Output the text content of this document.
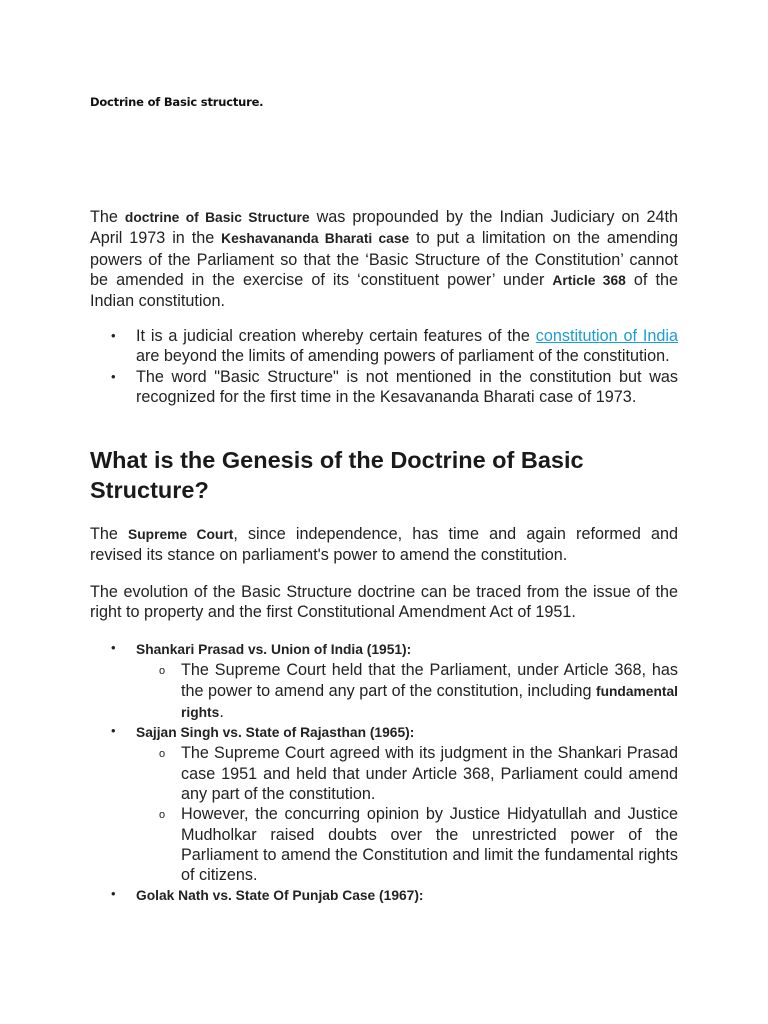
Doctrine of Basic structure.

The doctrine of Basic Structure was propounded by the Indian Judiciary on 24th April 1973 in the Keshavananda Bharati case to put a limitation on the amending powers of the Parliament so that the ‘Basic Structure of the Constitution’ cannot be amended in the exercise of its ‘constituent power’ under Article 368 of the Indian constitution.

• It is a judicial creation whereby certain features of the constitution of India are beyond the limits of amending powers of parliament of the constitution.
• The word "Basic Structure" is not mentioned in the constitution but was recognized for the first time in the Kesavananda Bharati case of 1973.
What is the Genesis of the Doctrine of Basic Structure?

The Supreme Court, since independence, has time and again reformed and revised its stance on parliament's power to amend the constitution.

The evolution of the Basic Structure doctrine can be traced from the issue of the right to property and the first Constitutional Amendment Act of 1951.

• Shankari Prasad vs. Union of India (1951):
o The Supreme Court held that the Parliament, under Article 368, has the power to amend any part of the constitution, including fundamental rights.
• Sajjan Singh vs. State of Rajasthan (1965):
o The Supreme Court agreed with its judgment in the Shankari Prasad case 1951 and held that under Article 368, Parliament could amend any part of the constitution.
o However, the concurring opinion by Justice Hidyatullah and Justice Mudholkar raised doubts over the unrestricted power of the Parliament to amend the Constitution and limit the fundamental rights of citizens.
• Golak Nath vs. State Of Punjab Case (1967):
